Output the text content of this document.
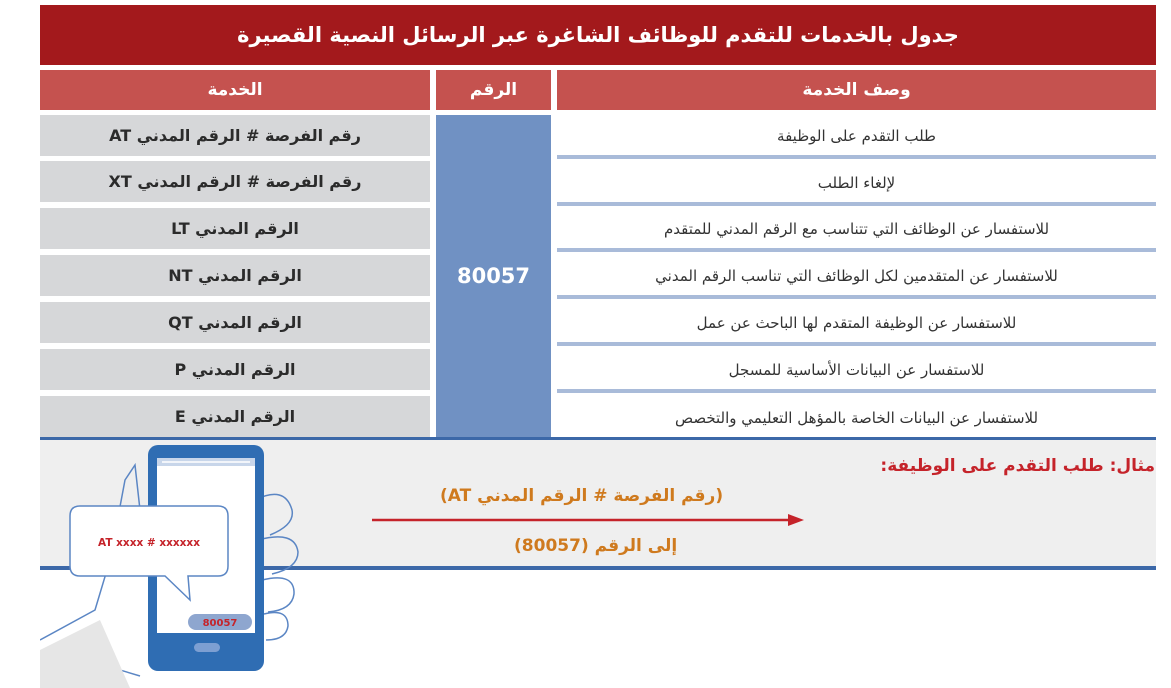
جدول بالخدمات للتقدم للوظائف الشاغرة عبر الرسائل النصية القصيرة
الخدمة	الرقم	وصف الخدمة
رقم الفرصة # الرقم المدني AT
رقم الفرصة # الرقم المدني XT
الرقم المدني LT
الرقم المدني NT
الرقم المدني QT
الرقم المدني P
الرقم المدني E
80057
طلب التقدم على الوظيفة
لإلغاء الطلب
للاستفسار عن الوظائف التي تتناسب مع الرقم المدني للمتقدم
للاستفسار عن المتقدمين لكل الوظائف التي تناسب الرقم المدني
للاستفسار عن الوظيفة المتقدم لها الباحث عن عمل
للاستفسار عن البيانات الأساسية للمسجل
للاستفسار عن البيانات الخاصة بالمؤهل التعليمي والتخصص
مثال: طلب التقدم على الوظيفة:
(رقم الفرصة # الرقم المدني AT)
إلى الرقم (80057)
80057
AT xxxx # xxxxxx
